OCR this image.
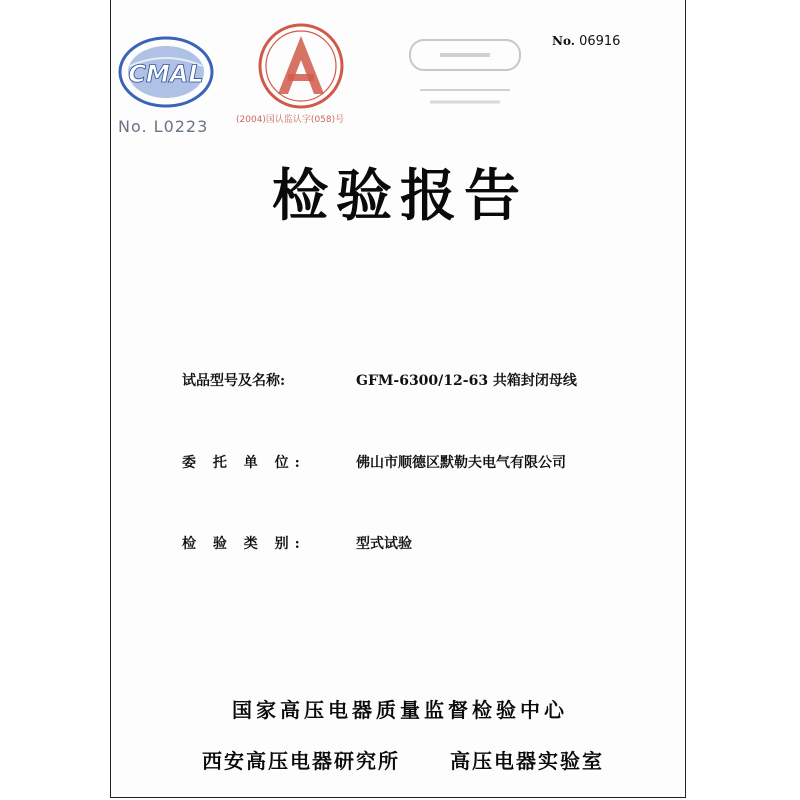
CMAL
No. L0223	(2004)国认监认字(058)号
No. 06916
检验报告
试品型号及名称:	GFM-6300/12-63 共箱封闭母线
委 托 单 位:	佛山市顺德区默勒夫电气有限公司
检 验 类 别:	型式试验
国家高压电器质量监督检验中心
西安高压电器研究所	高压电器实验室
